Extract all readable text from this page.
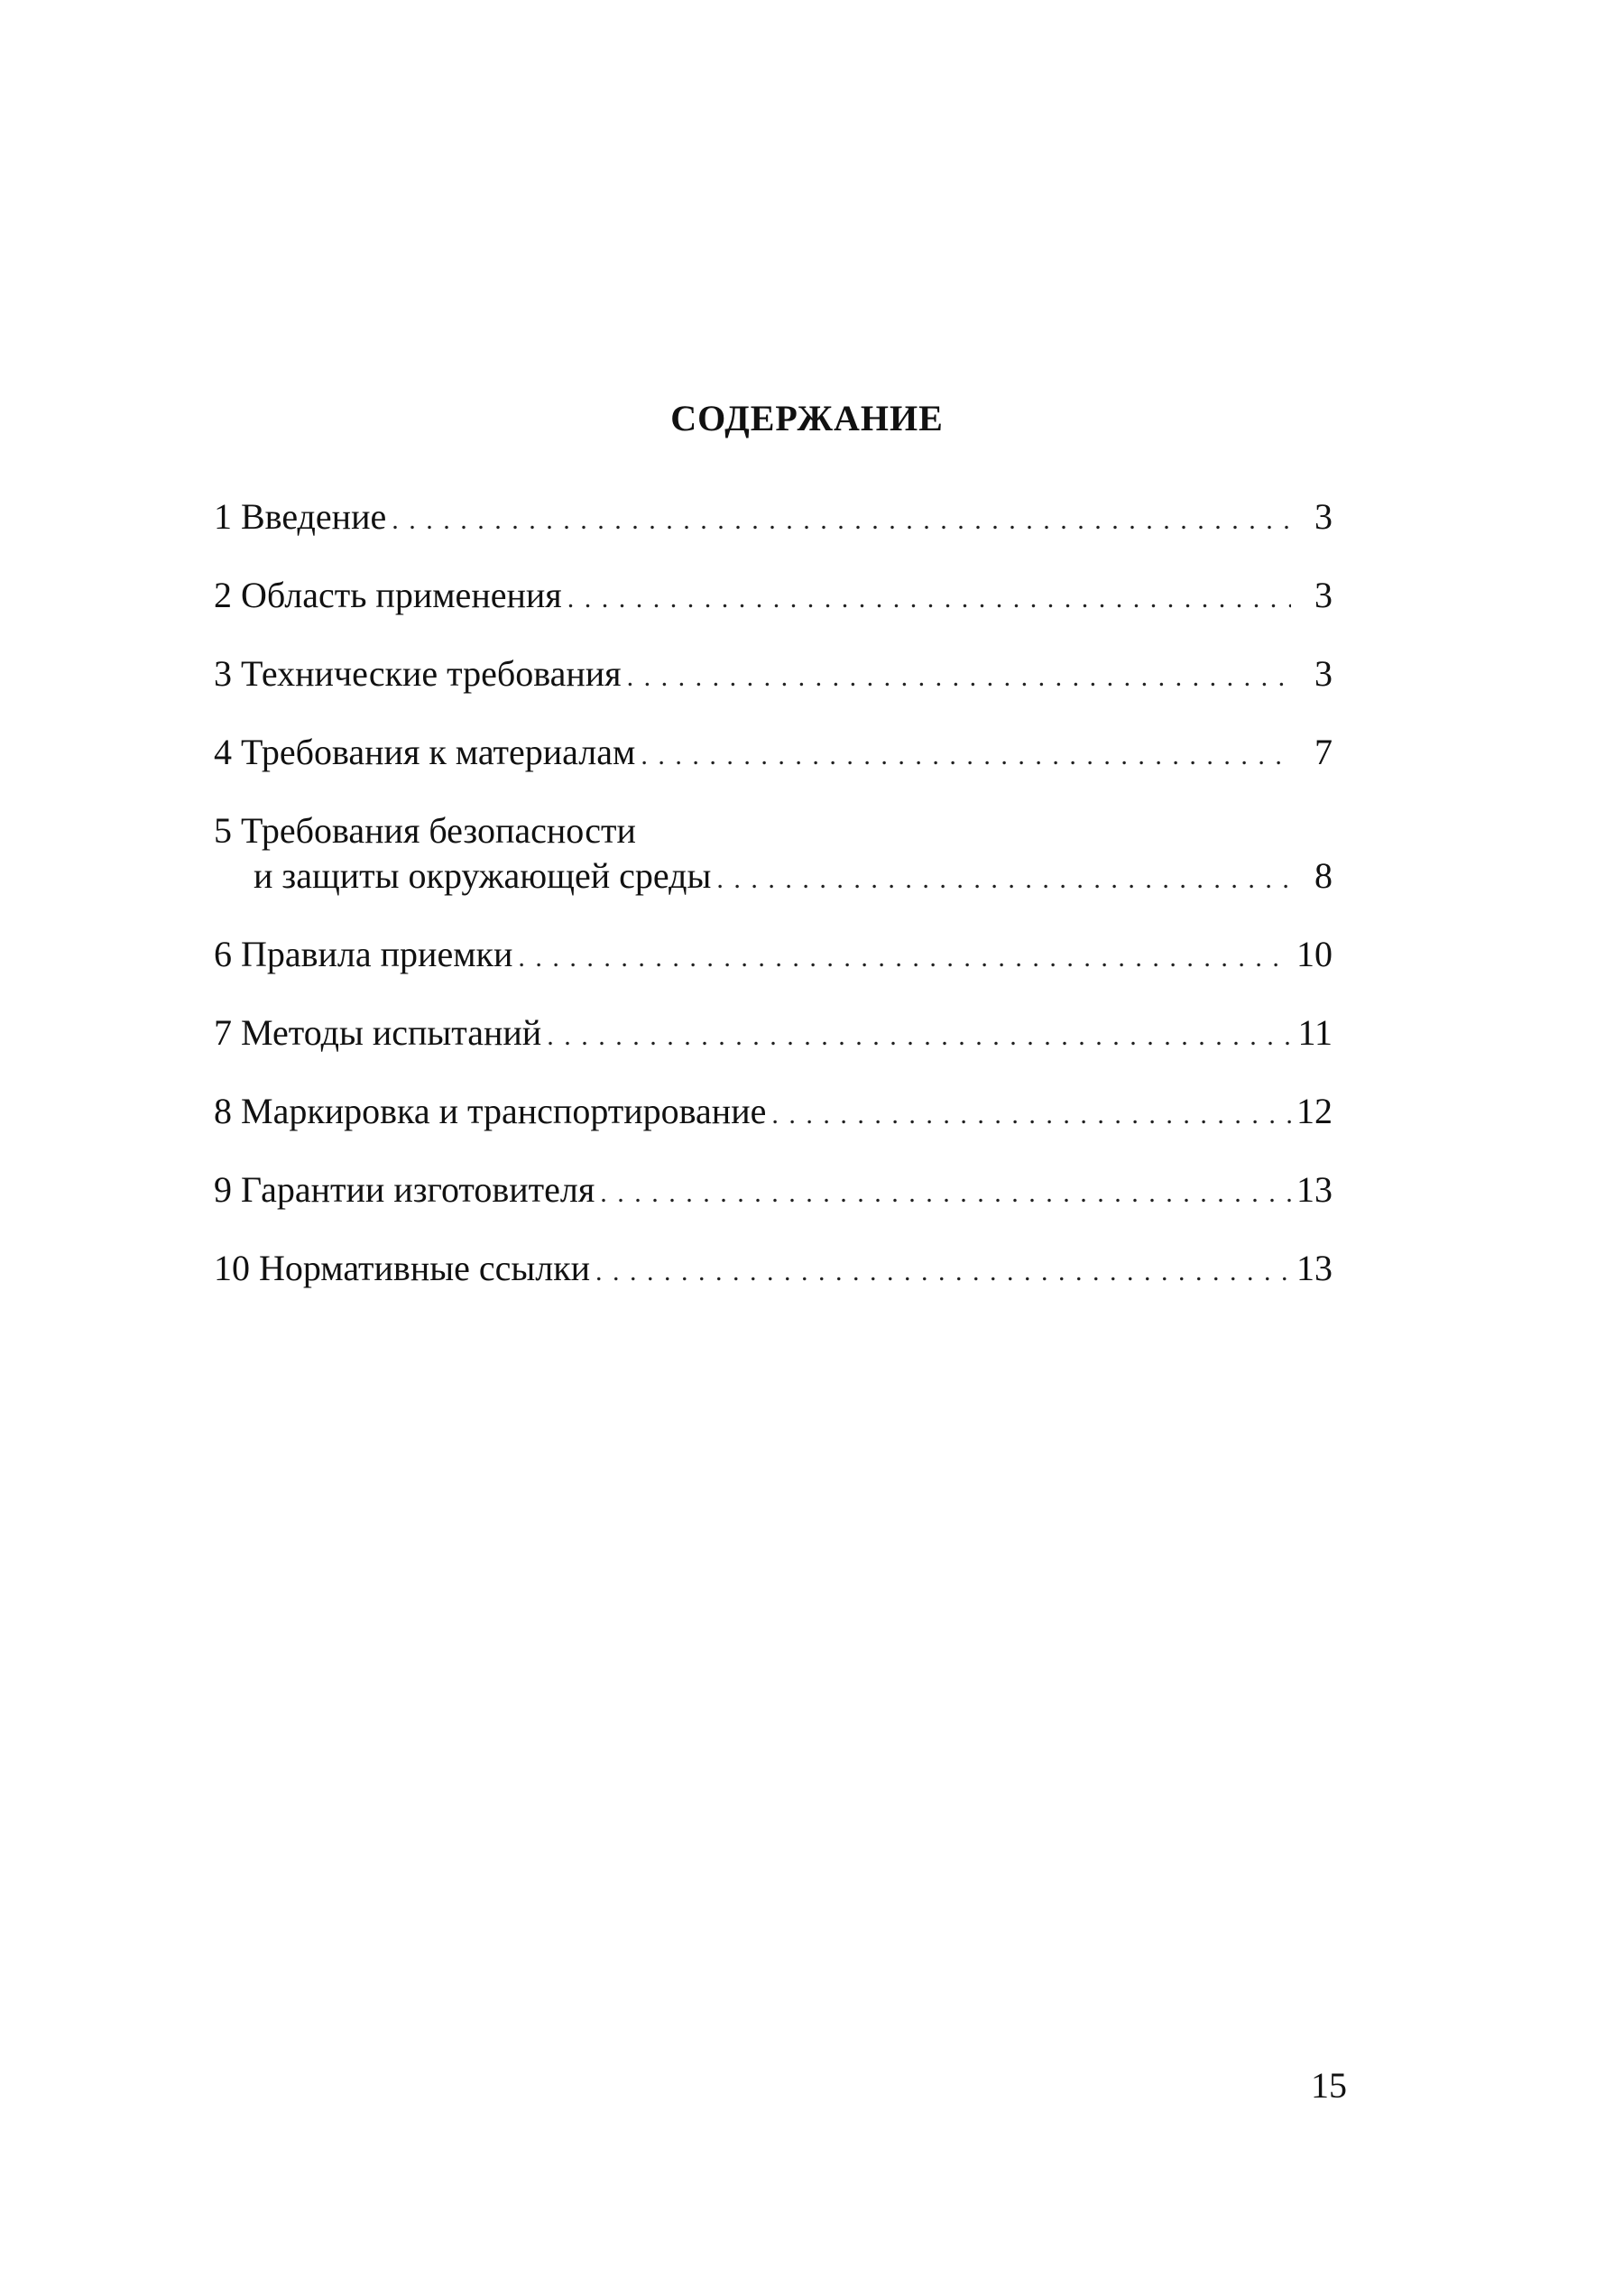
СОДЕРЖАНИЕ
1 Введение . . .	3
2 Область применения . . .	3
3 Технические требования . . .	3
4 Требования к материалам . . .	7
5 Требования безопасности
и защиты окружающей среды . . .	8
6 Правила приемки . . .	10
7 Методы испытаний . . .	11
8 Маркировка и транспортирование . . .	12
9 Гарантии изготовителя . . .	13
10 Нормативные ссылки . . .	13

15
